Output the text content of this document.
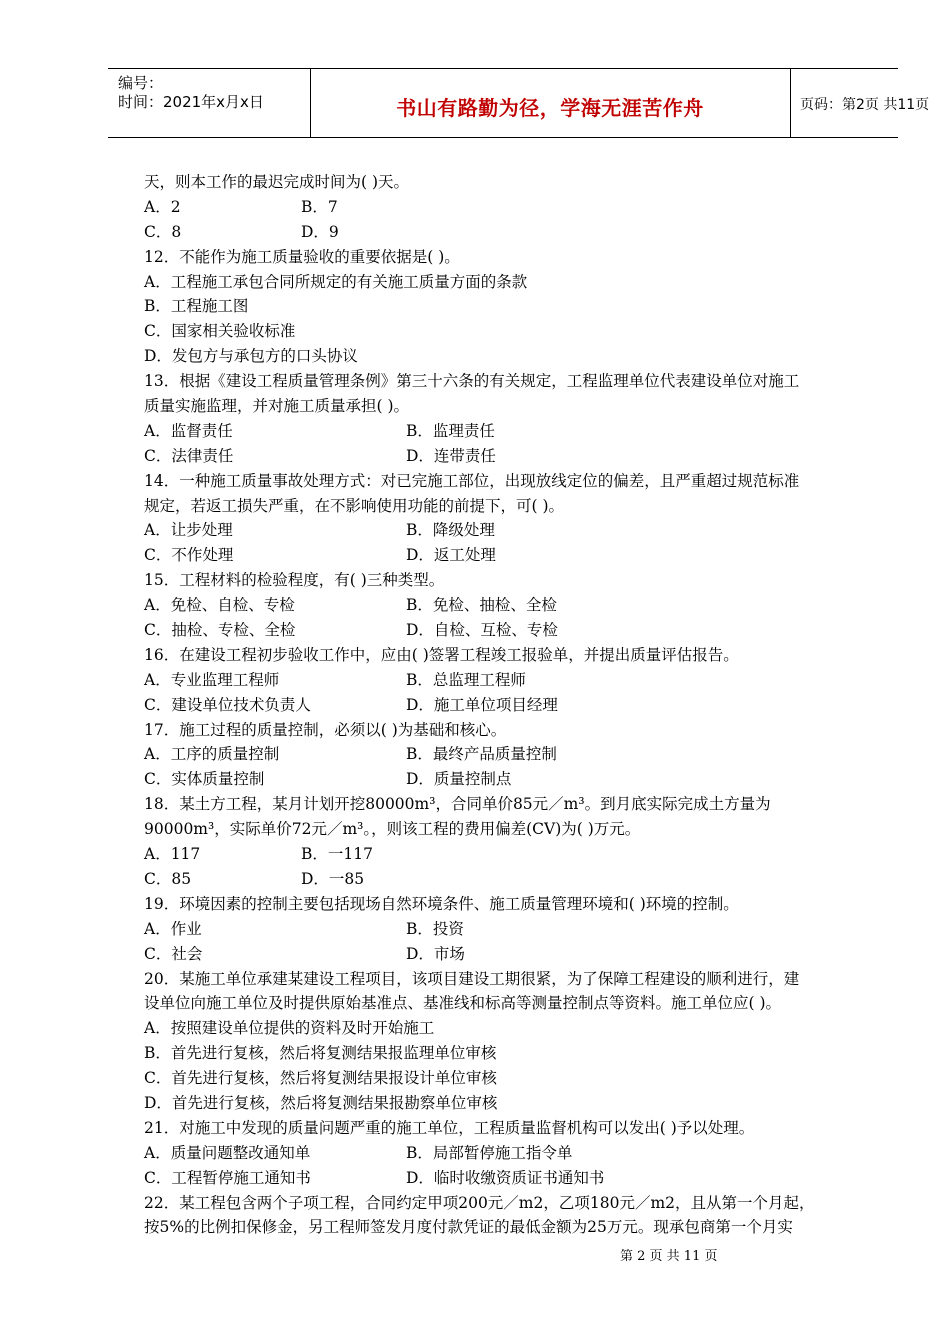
编号：
时间：2021年x月x日	书山有路勤为径，学海无涯苦作舟	页码：第2页 共11页
天，则本工作的最迟完成时间为( )天。
A．2	B．7
C．8	D．9
12．不能作为施工质量验收的重要依据是( )。
A．工程施工承包合同所规定的有关施工质量方面的条款
B．工程施工图
C．国家相关验收标准
D．发包方与承包方的口头协议
13．根据《建设工程质量管理条例》第三十六条的有关规定，工程监理单位代表建设单位对施工
质量实施监理，并对施工质量承担( )。
A．监督责任	B．监理责任
C．法律责任	D．连带责任
14．一种施工质量事故处理方式：对已完施工部位，出现放线定位的偏差，且严重超过规范标准
规定，若返工损失严重，在不影响使用功能的前提下，可( )。
A．让步处理	B．降级处理
C．不作处理	D．返工处理
15．工程材料的检验程度，有( )三种类型。
A．免检、自检、专检	B．免检、抽检、全检
C．抽检、专检、全检	D．自检、互检、专检
16．在建设工程初步验收工作中，应由( )签署工程竣工报验单，并提出质量评估报告。
A．专业监理工程师	B．总监理工程师
C．建设单位技术负责人	D．施工单位项目经理
17．施工过程的质量控制，必须以( )为基础和核心。
A．工序的质量控制	B．最终产品质量控制
C．实体质量控制	D．质量控制点
18．某土方工程，某月计划开挖80000m³，合同单价85元／m³。到月底实际完成土方量为
90000m³，实际单价72元／m³。，则该工程的费用偏差(CV)为( )万元。
A．117	B．一117
C．85	D．一85
19．环境因素的控制主要包括现场自然环境条件、施工质量管理环境和( )环境的控制。
A．作业	B．投资
C．社会	D．市场
20．某施工单位承建某建设工程项目，该项目建设工期很紧，为了保障工程建设的顺利进行，建
设单位向施工单位及时提供原始基准点、基准线和标高等测量控制点等资料。施工单位应( )。
A．按照建设单位提供的资料及时开始施工
B．首先进行复核，然后将复测结果报监理单位审核
C．首先进行复核，然后将复测结果报设计单位审核
D．首先进行复核，然后将复测结果报勘察单位审核
21．对施工中发现的质量问题严重的施工单位，工程质量监督机构可以发出( )予以处理。
A．质量问题整改通知单	B．局部暂停施工指令单
C．工程暂停施工通知书	D．临时收缴资质证书通知书
22．某工程包含两个子项工程，合同约定甲项200元／m2，乙项180元／m2，且从第一个月起，
按5%的比例扣保修金，另工程师签发月度付款凭证的最低金额为25万元。现承包商第一个月实
第 2 页 共 11 页
